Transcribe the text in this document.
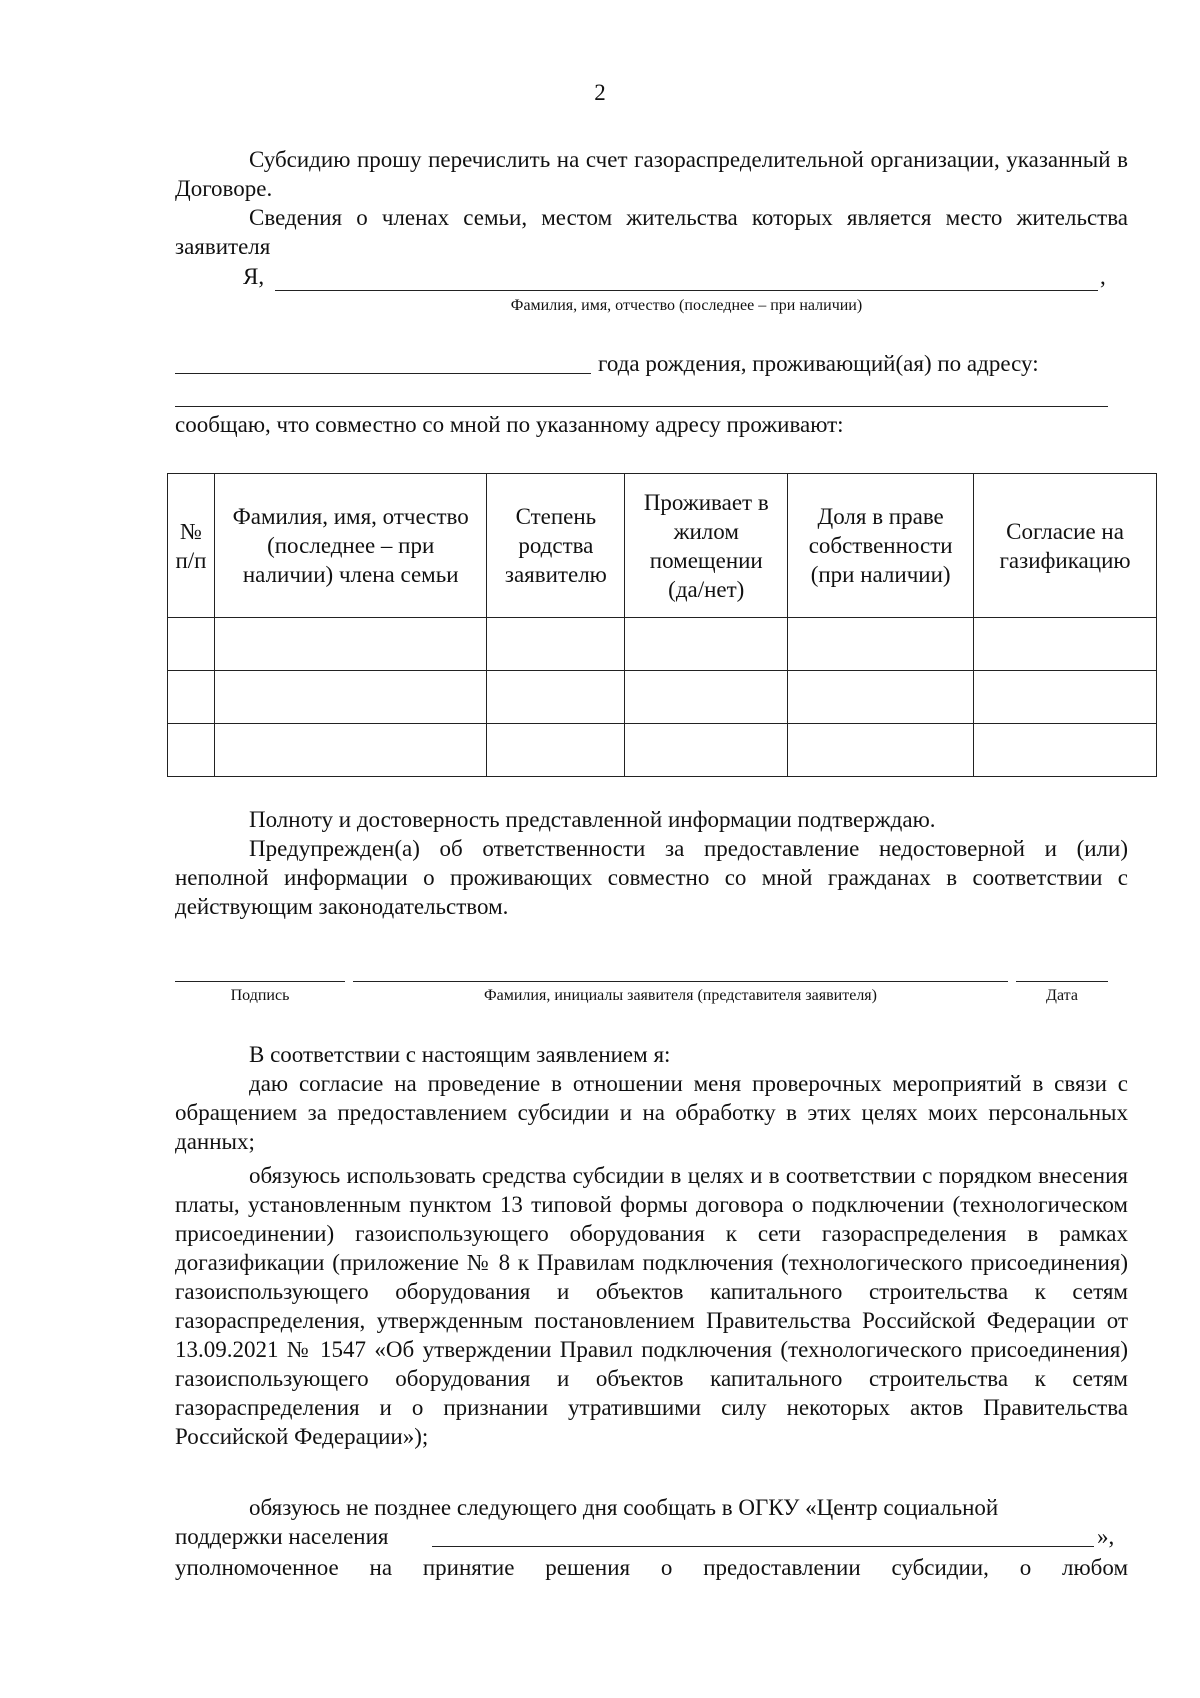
2

Субсидию прошу перечислить на счет газораспределительной организации, указанный в Договоре.

Сведения о членах семьи, местом жительства которых является место жительства заявителя

Я,	,
Фамилия, имя, отчество (последнее – при наличии)
года рождения, проживающий(ая) по адресу:
сообщаю, что совместно со мной по указанному адресу проживают:
№ п/п	Фамилия, имя, отчество (последнее – при наличии) члена семьи	Степень родства заявителю	Проживает в жилом помещении (да/нет)	Доля в праве собственности (при наличии)	Согласие на газификацию

Полноту и достоверность представленной информации подтверждаю.

Предупрежден(а) об ответственности за предоставление недостоверной и (или) неполной информации о проживающих совместно со мной гражданах в соответствии с действующим законодательством.

Подпись	Фамилия, инициалы заявителя (представителя заявителя)	Дата

В соответствии с настоящим заявлением я:

даю согласие на проведение в отношении меня проверочных мероприятий в связи с обращением за предоставлением субсидии и на обработку в этих целях моих персональных данных;

обязуюсь использовать средства субсидии в целях и в соответствии с порядком внесения платы, установленным пунктом 13 типовой формы договора о подключении (технологическом присоединении) газоиспользующего оборудования к сети газораспределения в рамках догазификации (приложение № 8 к Правилам подключения (технологического присоединения) газоиспользующего оборудования и объектов капитального строительства к сетям газораспределения, утвержденным постановлением Правительства Российской Федерации от 13.09.2021 № 1547 «Об утверждении Правил подключения (технологического присоединения) газоиспользующего оборудования и объектов капитального строительства к сетям газораспределения и о признании утратившими силу некоторых актов Правительства Российской Федерации»);

обязуюсь не позднее следующего дня сообщать в ОГКУ «Центр социальной

поддержки населения	»,

уполномоченное на принятие решения о предоставлении субсидии, о любом
